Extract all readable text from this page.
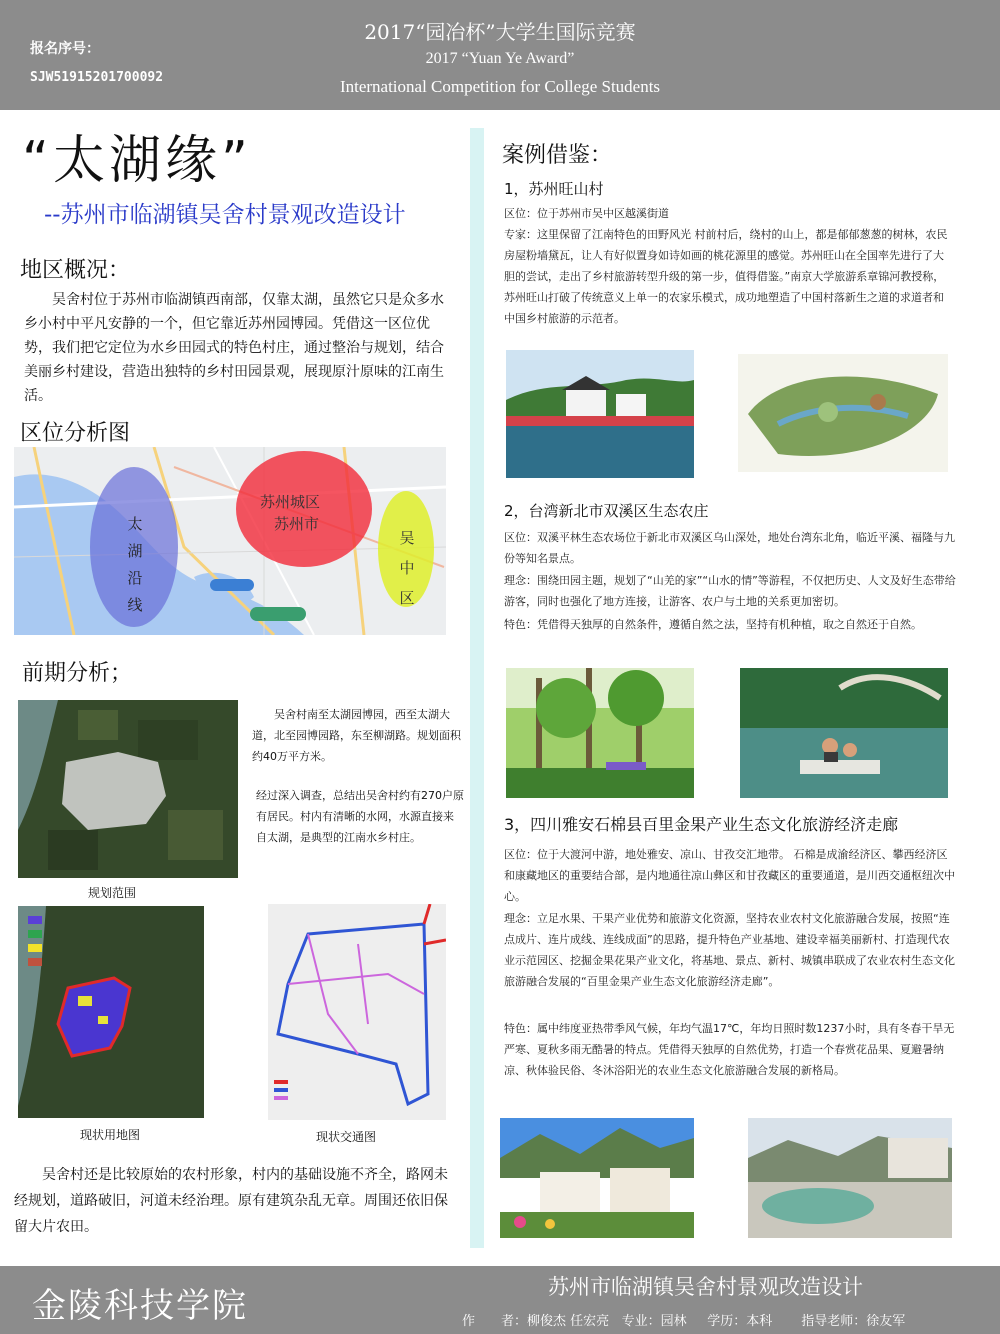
报名序号：
SJW51915201700092
2017“园冶杯”大学生国际竞赛
2017 “Yuan Ye Award”
International Competition for College Students
“太湖缘”
--苏州市临湖镇吴舍村景观改造设计
地区概况：
吴舍村位于苏州市临湖镇西南部，仅靠太湖，虽然它只是众多水乡小村中平凡安静的一个，但它靠近苏州园博园。凭借这一区位优势，我们把它定位为水乡田园式的特色村庄，通过整治与规划，结合美丽乡村建设，营造出独特的乡村田园景观，展现原汁原味的江南生活。
区位分析图
太
湖
沿
线
苏州城区
苏州市
吴
中
区
前期分析；
规划范围
吴舍村南至太湖园博园，西至太湖大道，北至园博园路，东至柳湖路。规划面积约40万平方米。
经过深入调查，总结出吴舍村约有270户原有居民。村内有清晰的水网，水源直接来自太湖，是典型的江南水乡村庄。
现状用地图	现状交通图
吴舍村还是比较原始的农村形象，村内的基础设施不齐全，路网未经规划，道路破旧，河道未经治理。原有建筑杂乱无章。周围还依旧保留大片农田。
案例借鉴：
1，苏州旺山村
区位：位于苏州市吴中区越溪街道
专家：这里保留了江南特色的田野风光 村前村后，绕村的山上，都是郁郁葱葱的树林，农民房屋粉墙黛瓦，让人有好似置身如诗如画的桃花源里的感觉。苏州旺山在全国率先进行了大胆的尝试，走出了乡村旅游转型升级的第一步，值得借鉴。”南京大学旅游系章锦河教授称，苏州旺山打破了传统意义上单一的农家乐模式，成功地塑造了中国村落新生之道的求道者和中国乡村旅游的示范者。
2，台湾新北市双溪区生态农庄
区位：双溪平林生态农场位于新北市双溪区乌山深处，地处台湾东北角，临近平溪、福隆与九份等知名景点。
理念：围绕田园主题，规划了“山羌的家”“山水的情”等游程，不仅把历史、人文及好生态带给游客，同时也强化了地方连接，让游客、农户与土地的关系更加密切。
特色：凭借得天独厚的自然条件，遵循自然之法，坚持有机种植，取之自然还于自然。
3，四川雅安石棉县百里金果产业生态文化旅游经济走廊
区位：位于大渡河中游，地处雅安、凉山、甘孜交汇地带。 石棉是成渝经济区、攀西经济区和康藏地区的重要结合部，是内地通往凉山彝区和甘孜藏区的重要通道，是川西交通枢纽次中心。
理念：立足水果、干果产业优势和旅游文化资源，坚持农业农村文化旅游融合发展，按照“连点成片、连片成线、连线成面”的思路，提升特色产业基地、建设幸福美丽新村、打造现代农业示范园区、挖掘金果花果产业文化，将基地、景点、新村、城镇串联成了农业农村生态文化旅游融合发展的“百里金果产业生态文化旅游经济走廊”。
特色：属中纬度亚热带季风气候，年均气温17℃，年均日照时数1237小时，具有冬春干旱无严寒、夏秋多雨无酷暑的特点。凭借得天独厚的自然优势，打造一个春赏花品果、夏避暑纳凉、秋体验民俗、冬沐浴阳光的农业生态文化旅游融合发展的新格局。
金陵科技学院	苏州市临湖镇吴舍村景观改造设计
作　　者：柳俊杰 任宏亮 专业：园林 学历：本科 指导老师：徐友军
